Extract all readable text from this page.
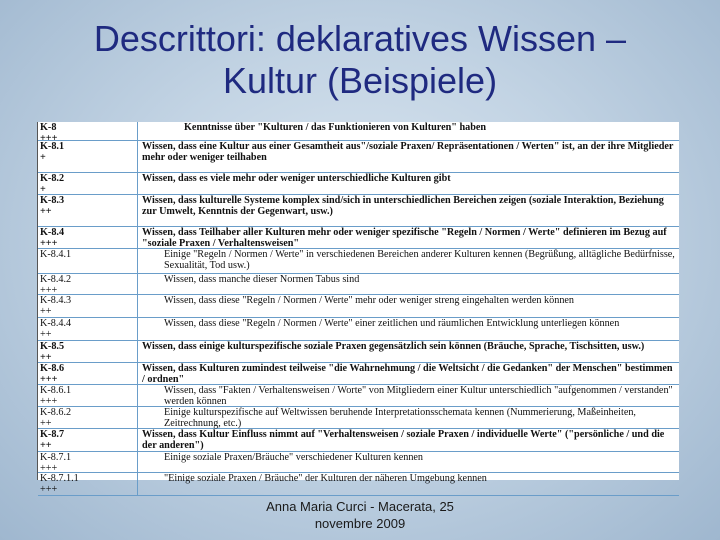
Descrittori: deklaratives Wissen –
Kultur (Beispiele)
K-8
+++
Kenntnisse über "Kulturen / das Funktionieren von Kulturen" haben
K-8.1
+
Wissen, dass eine Kultur aus einer Gesamtheit aus"/soziale Praxen/ Repräsentationen / Werten" ist, an der ihre Mitglieder mehr oder weniger teilhaben
K-8.2
+
Wissen, dass es viele mehr oder weniger unterschiedliche Kulturen gibt
K-8.3
++
Wissen, dass kulturelle Systeme komplex sind/sich in unterschiedlichen Bereichen zeigen (soziale Interaktion, Beziehung zur Umwelt, Kenntnis der Gegenwart, usw.)
K-8.4
+++
Wissen, dass Teilhaber aller Kulturen mehr oder weniger spezifische "Regeln / Normen / Werte" definieren im Bezug auf "soziale Praxen / Verhaltensweisen"
K-8.4.1	Einige "Regeln / Normen / Werte" in verschiedenen Bereichen anderer Kulturen kennen (Begrüßung, alltägliche Bedürfnisse, Sexualität, Tod usw.)
K-8.4.2
+++
Wissen, dass manche dieser Normen Tabus sind
K-8.4.3
++
Wissen, dass diese "Regeln / Normen / Werte" mehr oder weniger streng eingehalten werden können
K-8.4.4
++
Wissen, dass diese "Regeln / Normen / Werte" einer zeitlichen und räumlichen Entwicklung unterliegen können
K-8.5
++
Wissen, dass einige kulturspezifische soziale Praxen gegensätzlich sein können (Bräuche, Sprache, Tischsitten, usw.)
K-8.6
+++
Wissen, dass Kulturen zumindest teilweise "die Wahrnehmung / die Weltsicht / die Gedanken" der Menschen" bestimmen / ordnen"
K-8.6.1
+++
Wissen, dass "Fakten / Verhaltensweisen / Worte" von Mitgliedern einer Kultur unterschiedlich "aufgenommen / verstanden" werden können
K-8.6.2
++
Einige kulturspezifische auf Weltwissen beruhende Interpretationsschemata kennen (Nummerierung, Maßeinheiten, Zeitrechnung, etc.)
K-8.7
++
Wissen, dass Kultur Einfluss nimmt auf "Verhaltensweisen / soziale Praxen / individuelle Werte" ("persönliche / und die der anderen")
K-8.7.1
+++
Einige soziale Praxen/Bräuche" verschiedener Kulturen kennen
K-8.7.1.1
+++
"Einige soziale Praxen / Bräuche" der Kulturen der näheren Umgebung kennen
Anna Maria Curci - Macerata, 25
novembre 2009
